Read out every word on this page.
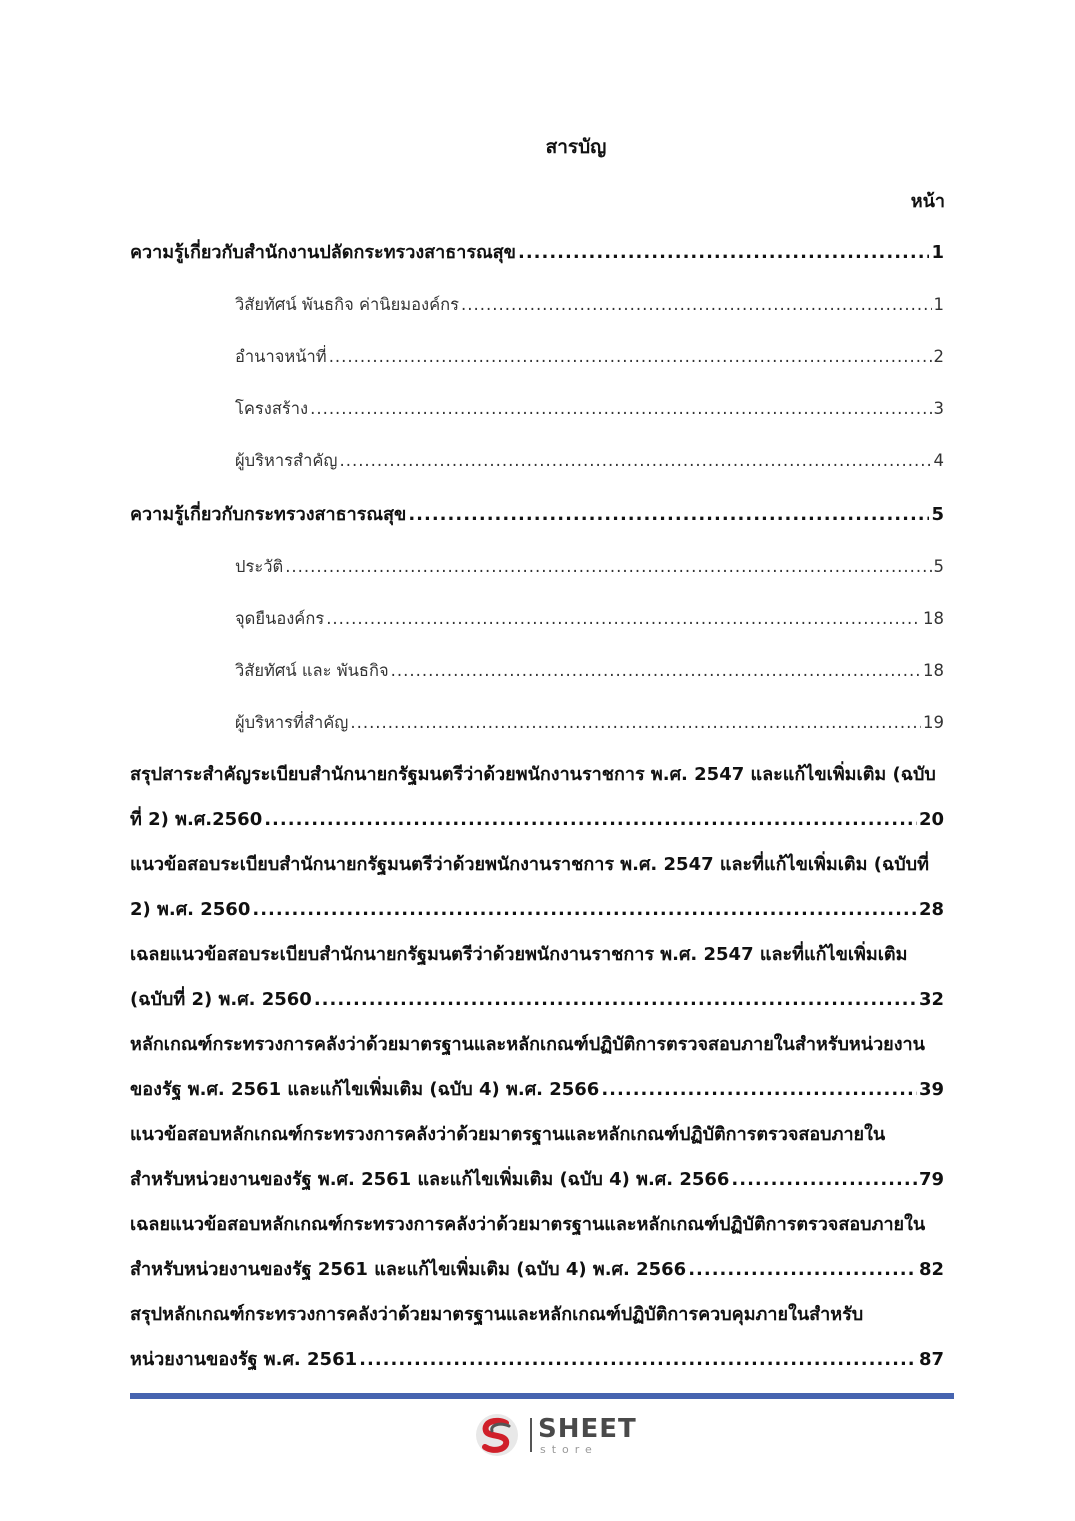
สารบัญ
หน้า
ความรู้เกี่ยวกับสำนักงานปลัดกระทรวงสาธารณสุข .....	1
วิสัยทัศน์ พันธกิจ ค่านิยมองค์กร .....	1
อำนาจหน้าที่ .....	2
โครงสร้าง .....	3
ผู้บริหารสำคัญ .....	4
ความรู้เกี่ยวกับกระทรวงสาธารณสุข .....	5
ประวัติ .....	5
จุดยืนองค์กร .....	18
วิสัยทัศน์ และ พันธกิจ .....	18
ผู้บริหารที่สำคัญ .....	19
สรุปสาระสำคัญระเบียบสำนักนายกรัฐมนตรีว่าด้วยพนักงานราชการ พ.ศ. 2547 และแก้ไขเพิ่มเติม (ฉบับ
ที่ 2) พ.ศ.2560 .....	20
แนวข้อสอบระเบียบสำนักนายกรัฐมนตรีว่าด้วยพนักงานราชการ พ.ศ. 2547 และที่แก้ไขเพิ่มเติม (ฉบับที่
2) พ.ศ. 2560 .....	28
เฉลยแนวข้อสอบระเบียบสำนักนายกรัฐมนตรีว่าด้วยพนักงานราชการ พ.ศ. 2547 และที่แก้ไขเพิ่มเติม
(ฉบับที่ 2) พ.ศ. 2560 .....	32
หลักเกณฑ์กระทรวงการคลังว่าด้วยมาตรฐานและหลักเกณฑ์ปฏิบัติการตรวจสอบภายในสำหรับหน่วยงาน
ของรัฐ พ.ศ. 2561 และแก้ไขเพิ่มเติม (ฉบับ 4) พ.ศ. 2566 .....	39
แนวข้อสอบหลักเกณฑ์กระทรวงการคลังว่าด้วยมาตรฐานและหลักเกณฑ์ปฏิบัติการตรวจสอบภายใน
สำหรับหน่วยงานของรัฐ พ.ศ. 2561 และแก้ไขเพิ่มเติม (ฉบับ 4) พ.ศ. 2566 .....	79
เฉลยแนวข้อสอบหลักเกณฑ์กระทรวงการคลังว่าด้วยมาตรฐานและหลักเกณฑ์ปฏิบัติการตรวจสอบภายใน
สำหรับหน่วยงานของรัฐ 2561 และแก้ไขเพิ่มเติม (ฉบับ 4) พ.ศ. 2566 .....	82
สรุปหลักเกณฑ์กระทรวงการคลังว่าด้วยมาตรฐานและหลักเกณฑ์ปฏิบัติการควบคุมภายในสำหรับ
หน่วยงานของรัฐ พ.ศ. 2561 .....	87
SHEET
store
